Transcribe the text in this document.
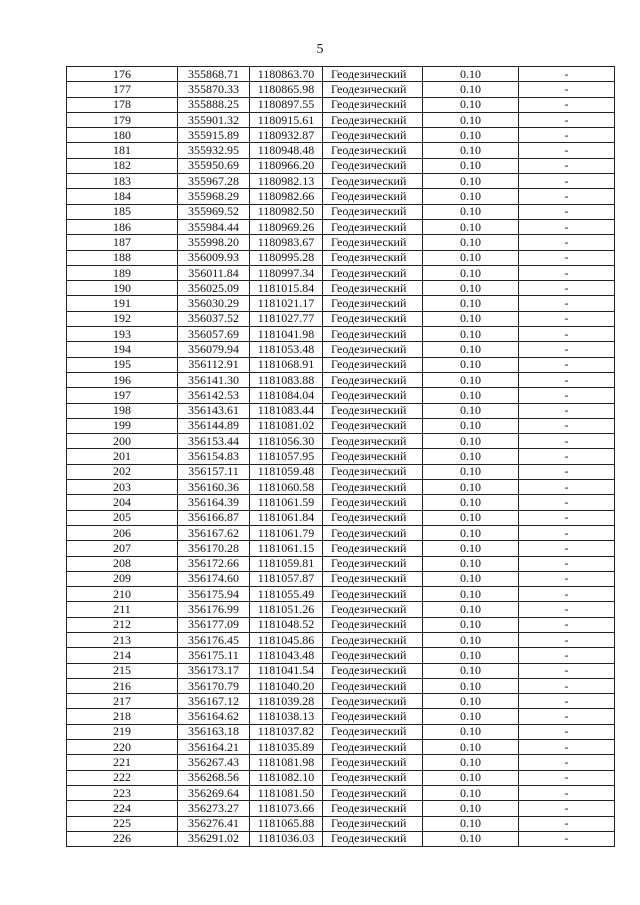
5
176	355868.71	1180863.70	Геодезический	0.10	-
177	355870.33	1180865.98	Геодезический	0.10	-
178	355888.25	1180897.55	Геодезический	0.10	-
179	355901.32	1180915.61	Геодезический	0.10	-
180	355915.89	1180932.87	Геодезический	0.10	-
181	355932.95	1180948.48	Геодезический	0.10	-
182	355950.69	1180966.20	Геодезический	0.10	-
183	355967.28	1180982.13	Геодезический	0.10	-
184	355968.29	1180982.66	Геодезический	0.10	-
185	355969.52	1180982.50	Геодезический	0.10	-
186	355984.44	1180969.26	Геодезический	0.10	-
187	355998.20	1180983.67	Геодезический	0.10	-
188	356009.93	1180995.28	Геодезический	0.10	-
189	356011.84	1180997.34	Геодезический	0.10	-
190	356025.09	1181015.84	Геодезический	0.10	-
191	356030.29	1181021.17	Геодезический	0.10	-
192	356037.52	1181027.77	Геодезический	0.10	-
193	356057.69	1181041.98	Геодезический	0.10	-
194	356079.94	1181053.48	Геодезический	0.10	-
195	356112.91	1181068.91	Геодезический	0.10	-
196	356141.30	1181083.88	Геодезический	0.10	-
197	356142.53	1181084.04	Геодезический	0.10	-
198	356143.61	1181083.44	Геодезический	0.10	-
199	356144.89	1181081.02	Геодезический	0.10	-
200	356153.44	1181056.30	Геодезический	0.10	-
201	356154.83	1181057.95	Геодезический	0.10	-
202	356157.11	1181059.48	Геодезический	0.10	-
203	356160.36	1181060.58	Геодезический	0.10	-
204	356164.39	1181061.59	Геодезический	0.10	-
205	356166.87	1181061.84	Геодезический	0.10	-
206	356167.62	1181061.79	Геодезический	0.10	-
207	356170.28	1181061.15	Геодезический	0.10	-
208	356172.66	1181059.81	Геодезический	0.10	-
209	356174.60	1181057.87	Геодезический	0.10	-
210	356175.94	1181055.49	Геодезический	0.10	-
211	356176.99	1181051.26	Геодезический	0.10	-
212	356177.09	1181048.52	Геодезический	0.10	-
213	356176.45	1181045.86	Геодезический	0.10	-
214	356175.11	1181043.48	Геодезический	0.10	-
215	356173.17	1181041.54	Геодезический	0.10	-
216	356170.79	1181040.20	Геодезический	0.10	-
217	356167.12	1181039.28	Геодезический	0.10	-
218	356164.62	1181038.13	Геодезический	0.10	-
219	356163.18	1181037.82	Геодезический	0.10	-
220	356164.21	1181035.89	Геодезический	0.10	-
221	356267.43	1181081.98	Геодезический	0.10	-
222	356268.56	1181082.10	Геодезический	0.10	-
223	356269.64	1181081.50	Геодезический	0.10	-
224	356273.27	1181073.66	Геодезический	0.10	-
225	356276.41	1181065.88	Геодезический	0.10	-
226	356291.02	1181036.03	Геодезический	0.10	-
